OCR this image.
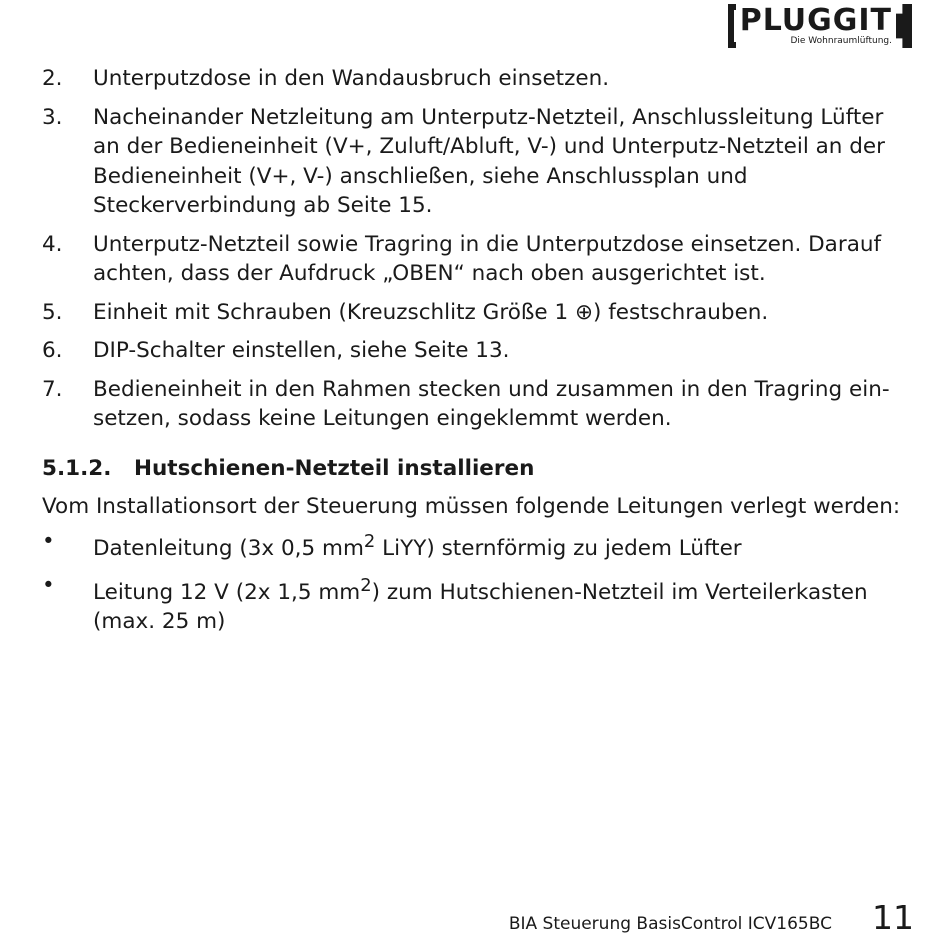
PLUGGIT
Die Wohnraumlüftung.
2.	Unterputzdose in den Wandausbruch einsetzen.
3.	Nacheinander Netzleitung am Unterputz-Netzteil, Anschlussleitung Lüfter an der Bedieneinheit (V+, Zuluft/Abluft, V-) und Unterputz-Netzteil an der Bedieneinheit (V+, V-) anschließen, siehe Anschlussplan und Steckerverbindung ab Seite 15.
4.	Unterputz-Netzteil sowie Tragring in die Unterputzdose einsetzen. Darauf achten, dass der Aufdruck „OBEN“ nach oben ausgerichtet ist.
5.	Einheit mit Schrauben (Kreuzschlitz Größe 1 ⊕) festschrauben.
6.	DIP-Schalter einstellen, siehe Seite 13.
7.	Bedieneinheit in den Rahmen stecken und zusammen in den Tragring ein-setzen, sodass keine Leitungen eingeklemmt werden.
5.1.2.	Hutschienen-Netzteil installieren

Vom Installationsort der Steuerung müssen folgende Leitungen verlegt werden:

•	Datenleitung (3x 0,5 $mm^2$ LiYY) sternförmig zu jedem Lüfter
•	Leitung 12 V (2x 1,5 $mm^2$) zum Hutschienen-Netzteil im Verteilerkasten (max. 25 m)
BIA Steuerung BasisControl ICV165BC 11
